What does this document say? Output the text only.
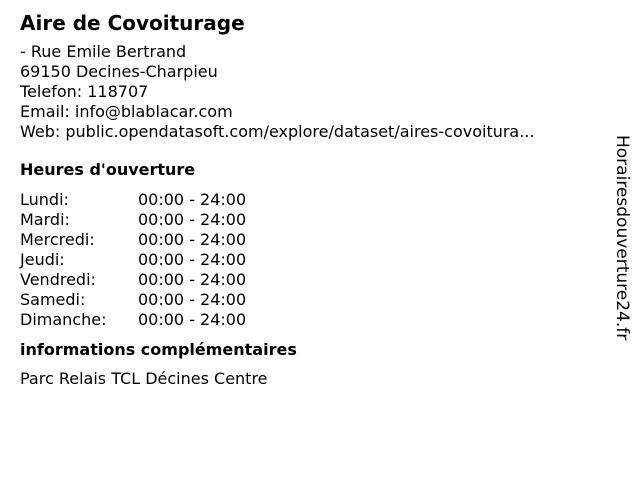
Aire de Covoiturage
- Rue Emile Bertrand
69150 Decines-Charpieu
Telefon: 118707
Email: info@blablacar.com
Web: public.opendatasoft.com/explore/dataset/aires-covoitura...
Heures d'ouverture
Lundi:	00:00 - 24:00
Mardi:	00:00 - 24:00
Mercredi:	00:00 - 24:00
Jeudi:	00:00 - 24:00
Vendredi:	00:00 - 24:00
Samedi:	00:00 - 24:00
Dimanche:	00:00 - 24:00
informations complémentaires
Parc Relais TCL Décines Centre
Horairesdouverture24.fr
